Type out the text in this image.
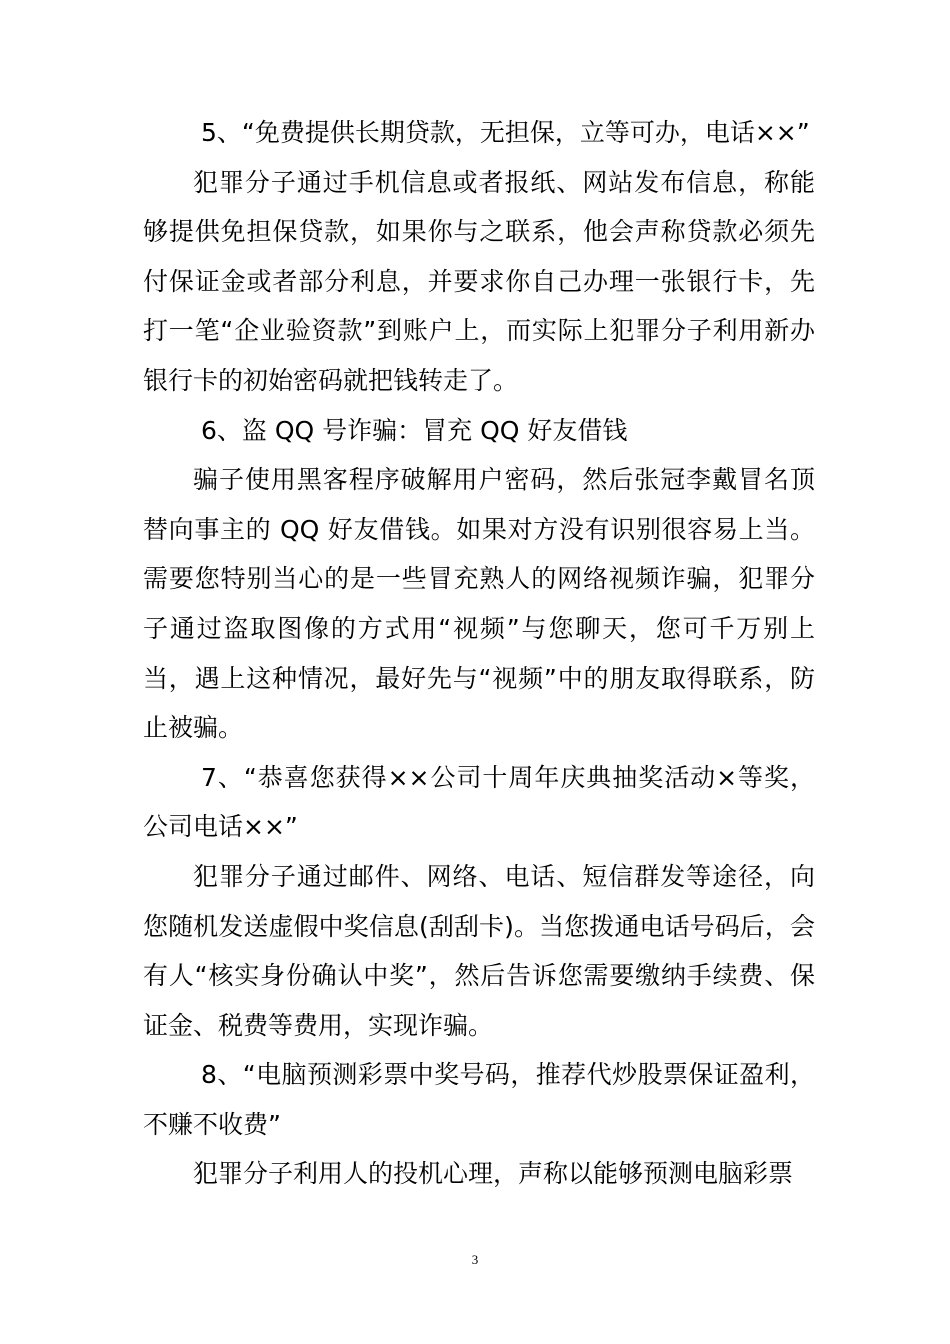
5、“免费提供长期贷款，无担保，立等可办，电话××”

犯罪分子通过手机信息或者报纸、网站发布信息，称能够提供免担保贷款，如果你与之联系，他会声称贷款必须先付保证金或者部分利息，并要求你自己办理一张银行卡，先打一笔“企业验资款”到账户上，而实际上犯罪分子利用新办银行卡的初始密码就把钱转走了。

6、盗 QQ 号诈骗：冒充 QQ 好友借钱

骗子使用黑客程序破解用户密码，然后张冠李戴冒名顶替向事主的 QQ 好友借钱。如果对方没有识别很容易上当。需要您特别当心的是一些冒充熟人的网络视频诈骗，犯罪分子通过盗取图像的方式用“视频”与您聊天，您可千万别上当，遇上这种情况，最好先与“视频”中的朋友取得联系，防止被骗。

7、“恭喜您获得××公司十周年庆典抽奖活动×等奖，公司电话××”

犯罪分子通过邮件、网络、电话、短信群发等途径，向您随机发送虚假中奖信息(刮刮卡)。当您拨通电话号码后，会有人“核实身份确认中奖”，然后告诉您需要缴纳手续费、保证金、税费等费用，实现诈骗。

8、“电脑预测彩票中奖号码，推荐代炒股票保证盈利，不赚不收费”

犯罪分子利用人的投机心理，声称以能够预测电脑彩票

3
